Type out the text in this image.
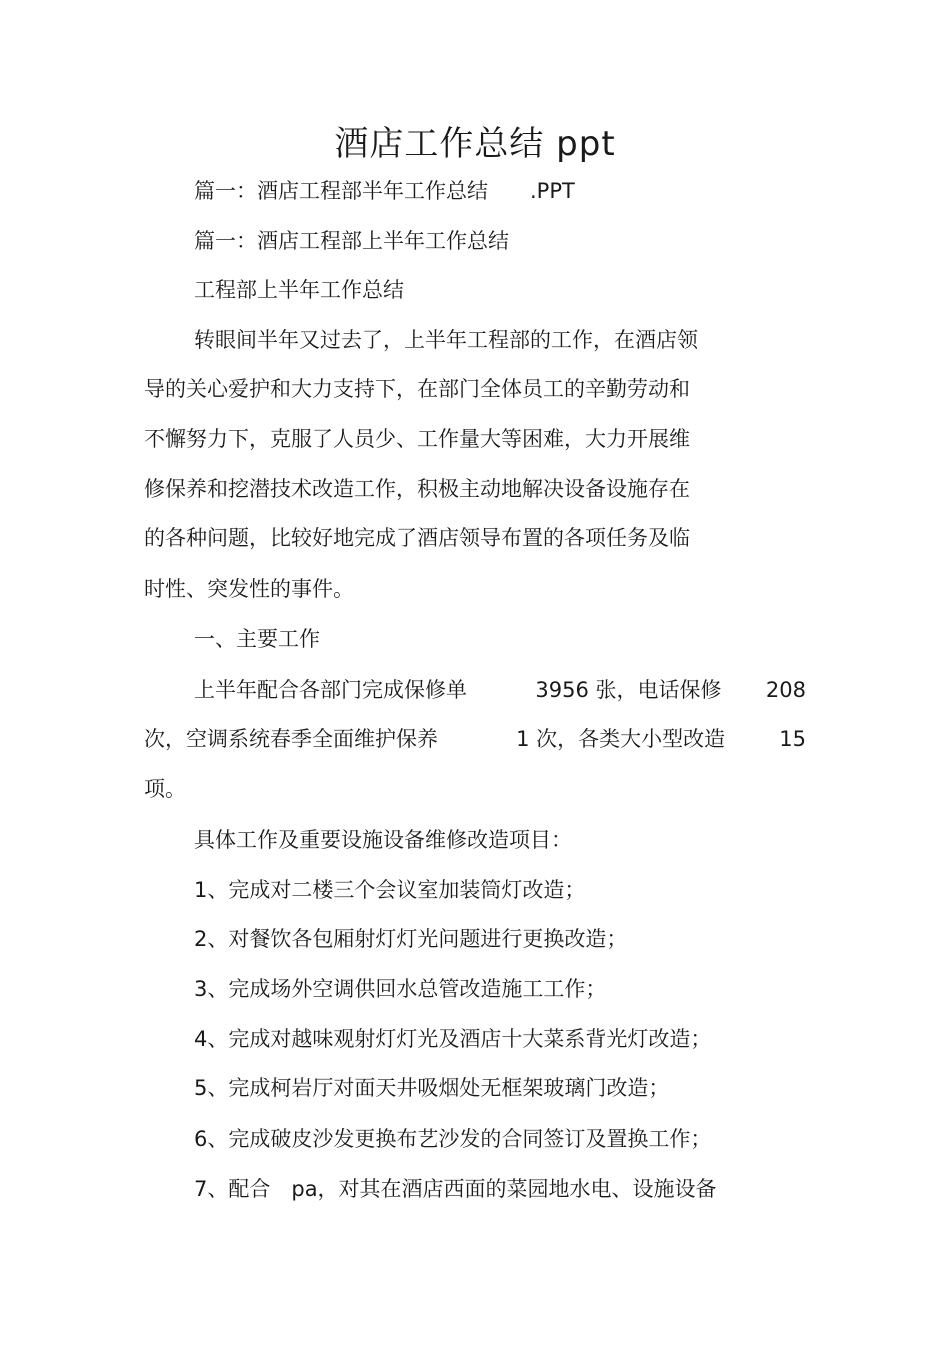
酒店工作总结 ppt

篇一：酒店工程部半年工作总结　　.PPT

篇一：酒店工程部上半年工作总结

工程部上半年工作总结

转眼间半年又过去了，上半年工程部的工作，在酒店领

导的关心爱护和大力支持下，在部门全体员工的辛勤劳动和

不懈努力下，克服了人员少、工作量大等困难，大力开展维

修保养和挖潜技术改造工作，积极主动地解决设备设施存在

的各种问题，比较好地完成了酒店领导布置的各项任务及临

时性、突发性的事件。

一、主要工作

上半年配合各部门完成保修单	3956 张，电话保修 208
次，空调系统春季全面维护保养	1 次，各类大小型改造	15

项。

具体工作及重要设施设备维修改造项目：

1、完成对二楼三个会议室加装筒灯改造；

2、对餐饮各包厢射灯灯光问题进行更换改造；

3、完成场外空调供回水总管改造施工工作；

4、完成对越味观射灯灯光及酒店十大菜系背光灯改造；

5、完成柯岩厅对面天井吸烟处无框架玻璃门改造；

6、完成破皮沙发更换布艺沙发的合同签订及置换工作；

7、配合　pa，对其在酒店西面的菜园地水电、设施设备
